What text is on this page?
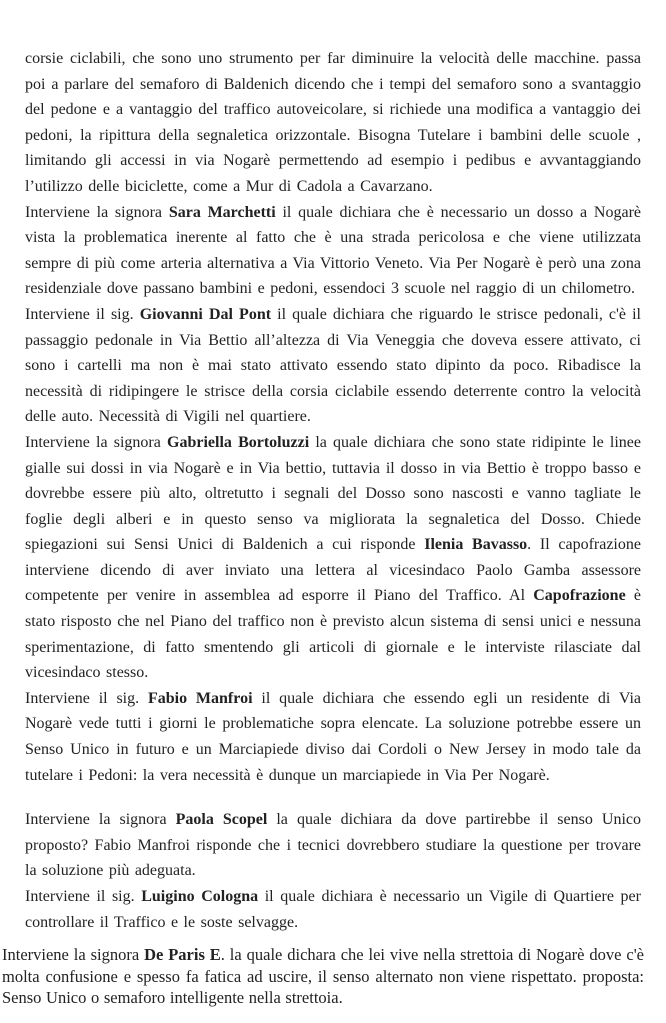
corsie ciclabili, che sono uno strumento per far diminuire la velocità delle macchine. passa poi a parlare del semaforo di Baldenich dicendo che i tempi del semaforo sono a svantaggio del pedone e a vantaggio del traffico autoveicolare, si richiede una modifica a vantaggio dei pedoni, la ripittura della segnaletica orizzontale. Bisogna Tutelare i bambini delle scuole , limitando gli accessi in via Nogarè permettendo ad esempio i pedibus e avvantaggiando l’utilizzo delle biciclette, come a Mur di Cadola a Cavarzano.

Interviene la signora Sara Marchetti il quale dichiara che è necessario un dosso a Nogarè vista la problematica inerente al fatto che è una strada pericolosa e che viene utilizzata sempre di più come arteria alternativa a Via Vittorio Veneto. Via Per Nogarè è però una zona residenziale dove passano bambini e pedoni, essendoci 3 scuole nel raggio di un chilometro.

Interviene il sig. Giovanni Dal Pont il quale dichiara che riguardo le strisce pedonali, c'è il passaggio pedonale in Via Bettio all’altezza di Via Veneggia che doveva essere attivato, ci sono i cartelli ma non è mai stato attivato essendo stato dipinto da poco. Ribadisce la necessità di ridipingere le strisce della corsia ciclabile essendo deterrente contro la velocità delle auto. Necessità di Vigili nel quartiere.

Interviene la signora Gabriella Bortoluzzi la quale dichiara che sono state ridipinte le linee gialle sui dossi in via Nogarè e in Via bettio, tuttavia il dosso in via Bettio è troppo basso e dovrebbe essere più alto, oltretutto i segnali del Dosso sono nascosti e vanno tagliate le foglie degli alberi e in questo senso va migliorata la segnaletica del Dosso. Chiede spiegazioni sui Sensi Unici di Baldenich a cui risponde Ilenia Bavasso. Il capofrazione interviene dicendo di aver inviato una lettera al vicesindaco Paolo Gamba assessore competente per venire in assemblea ad esporre il Piano del Traffico. Al Capofrazione è stato risposto che nel Piano del traffico non è previsto alcun sistema di sensi unici e nessuna sperimentazione, di fatto smentendo gli articoli di giornale e le interviste rilasciate dal vicesindaco stesso.

Interviene il sig. Fabio Manfroi il quale dichiara che essendo egli un residente di Via Nogarè vede tutti i giorni le problematiche sopra elencate. La soluzione potrebbe essere un Senso Unico in futuro e un Marciapiede diviso dai Cordoli o New Jersey in modo tale da tutelare i Pedoni: la vera necessità è dunque un marciapiede in Via Per Nogarè.

Interviene la signora Paola Scopel la quale dichiara da dove partirebbe il senso Unico proposto? Fabio Manfroi risponde che i tecnici dovrebbero studiare la questione per trovare la soluzione più adeguata.

Interviene il sig. Luigino Cologna il quale dichiara è necessario un Vigile di Quartiere per controllare il Traffico e le soste selvagge.

Interviene la signora De Paris E. la quale dichara che lei vive nella strettoia di Nogarè dove c'è molta confusione e spesso fa fatica ad uscire, il senso alternato non viene rispettato. proposta: Senso Unico o semaforo intelligente nella strettoia.
